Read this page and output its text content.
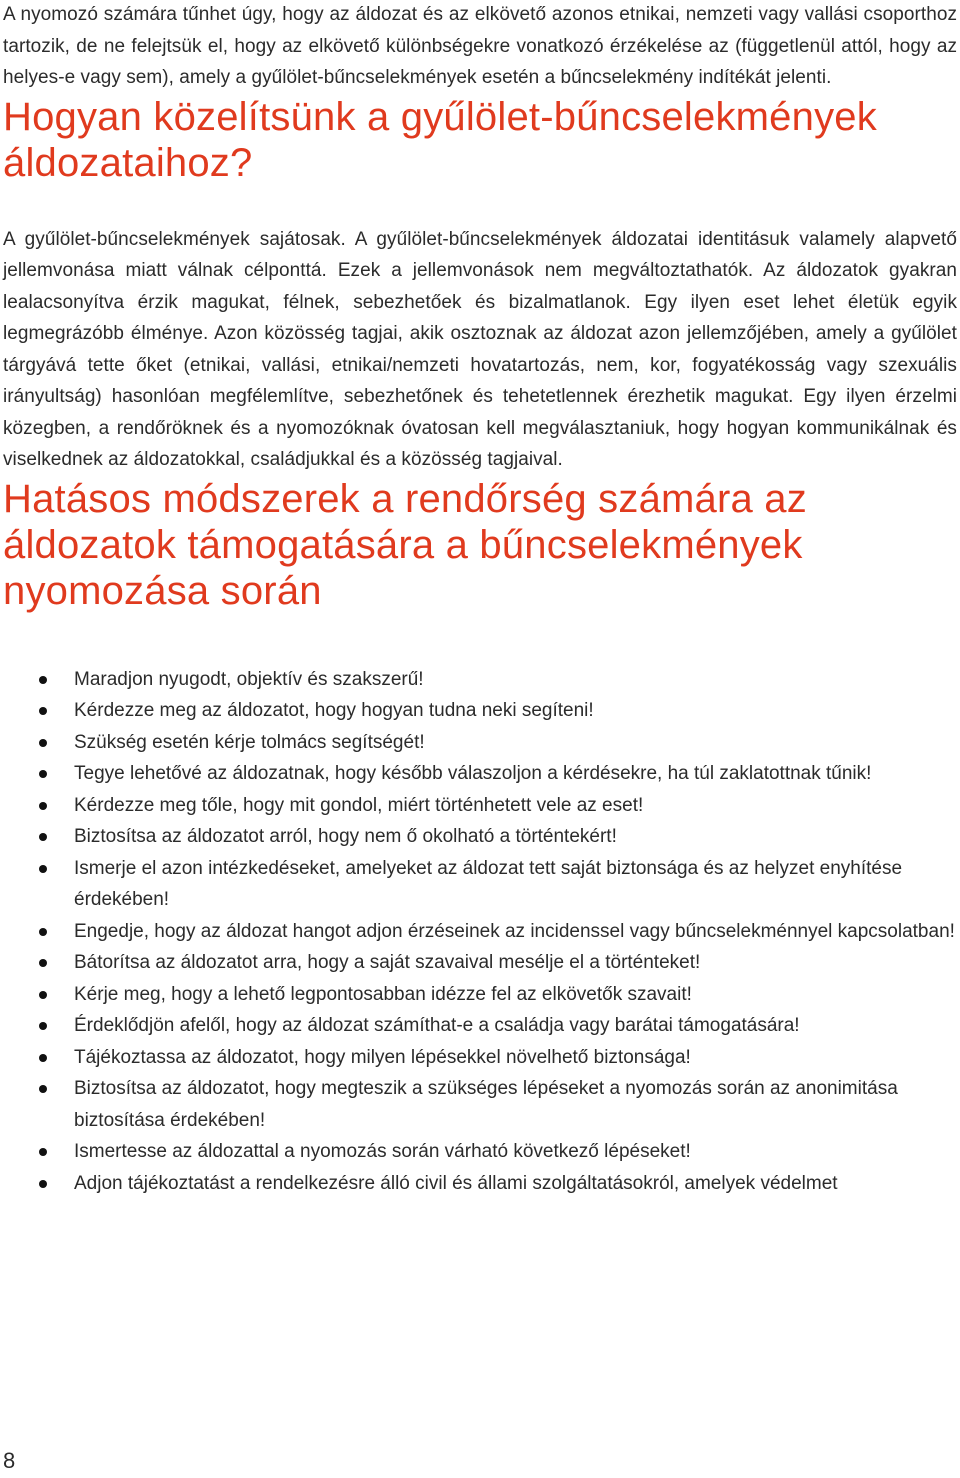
A nyomozó számára tűnhet úgy, hogy az áldozat és az elkövető azonos etnikai, nemzeti vagy vallási csoporthoz tartozik, de ne felejtsük el, hogy az elkövető különbségekre vonatkozó érzékelése az (függetlenül attól, hogy az helyes-e vagy sem), amely a gyűlölet-bűncselekmények esetén a bűncselekmény indítékát jelenti.

Hogyan közelítsünk a gyűlölet-bűncselekmények áldozataihoz?

A gyűlölet-bűncselekmények sajátosak. A gyűlölet-bűncselekmények áldozatai identitásuk valamely alapvető jellemvonása miatt válnak célponttá. Ezek a jellemvonások nem megváltoztathatók. Az áldozatok gyakran lealacsonyítva érzik magukat, félnek, sebezhetőek és bizalmatlanok. Egy ilyen eset lehet életük egyik legmegrázóbb élménye. Azon közösség tagjai, akik osztoznak az áldozat azon jellemzőjében, amely a gyűlölet tárgyává tette őket (etnikai, vallási, etnikai/nemzeti hovatartozás, nem, kor, fogyatékosság vagy szexuális irányultság) hasonlóan megfélemlítve, sebezhetőnek és tehetetlennek érezhetik magukat. Egy ilyen érzelmi közegben, a rendőröknek és a nyomozóknak óvatosan kell megválasztaniuk, hogy hogyan kommunikálnak és viselkednek az áldozatokkal, családjukkal és a közösség tagjaival.

Hatásos módszerek a rendőrség számára az áldozatok támogatására a bűncselekmények nyomozása során
Maradjon nyugodt, objektív és szakszerű!
Kérdezze meg az áldozatot, hogy hogyan tudna neki segíteni!
Szükség esetén kérje tolmács segítségét!
Tegye lehetővé az áldozatnak, hogy később válaszoljon a kérdésekre, ha túl zaklatottnak tűnik!
Kérdezze meg tőle, hogy mit gondol, miért történhetett vele az eset!
Biztosítsa az áldozatot arról, hogy nem ő okolható a történtekért!
Ismerje el azon intézkedéseket, amelyeket az áldozat tett saját biztonsága és az helyzet enyhítése érdekében!
Engedje, hogy az áldozat hangot adjon érzéseinek az incidenssel vagy bűncselekménnyel kapcsolatban!
Bátorítsa az áldozatot arra, hogy a saját szavaival mesélje el a történteket!
Kérje meg, hogy a lehető legpontosabban idézze fel az elkövetők szavait!
Érdeklődjön afelől, hogy az áldozat számíthat-e a családja vagy barátai támogatására!
Tájékoztassa az áldozatot, hogy milyen lépésekkel növelhető biztonsága!
Biztosítsa az áldozatot, hogy megteszik a szükséges lépéseket a nyomozás során az anonimitása biztosítása érdekében!
Ismertesse az áldozattal a nyomozás során várható következő lépéseket!
Adjon tájékoztatást a rendelkezésre álló civil és állami szolgáltatásokról, amelyek védelmet
8
